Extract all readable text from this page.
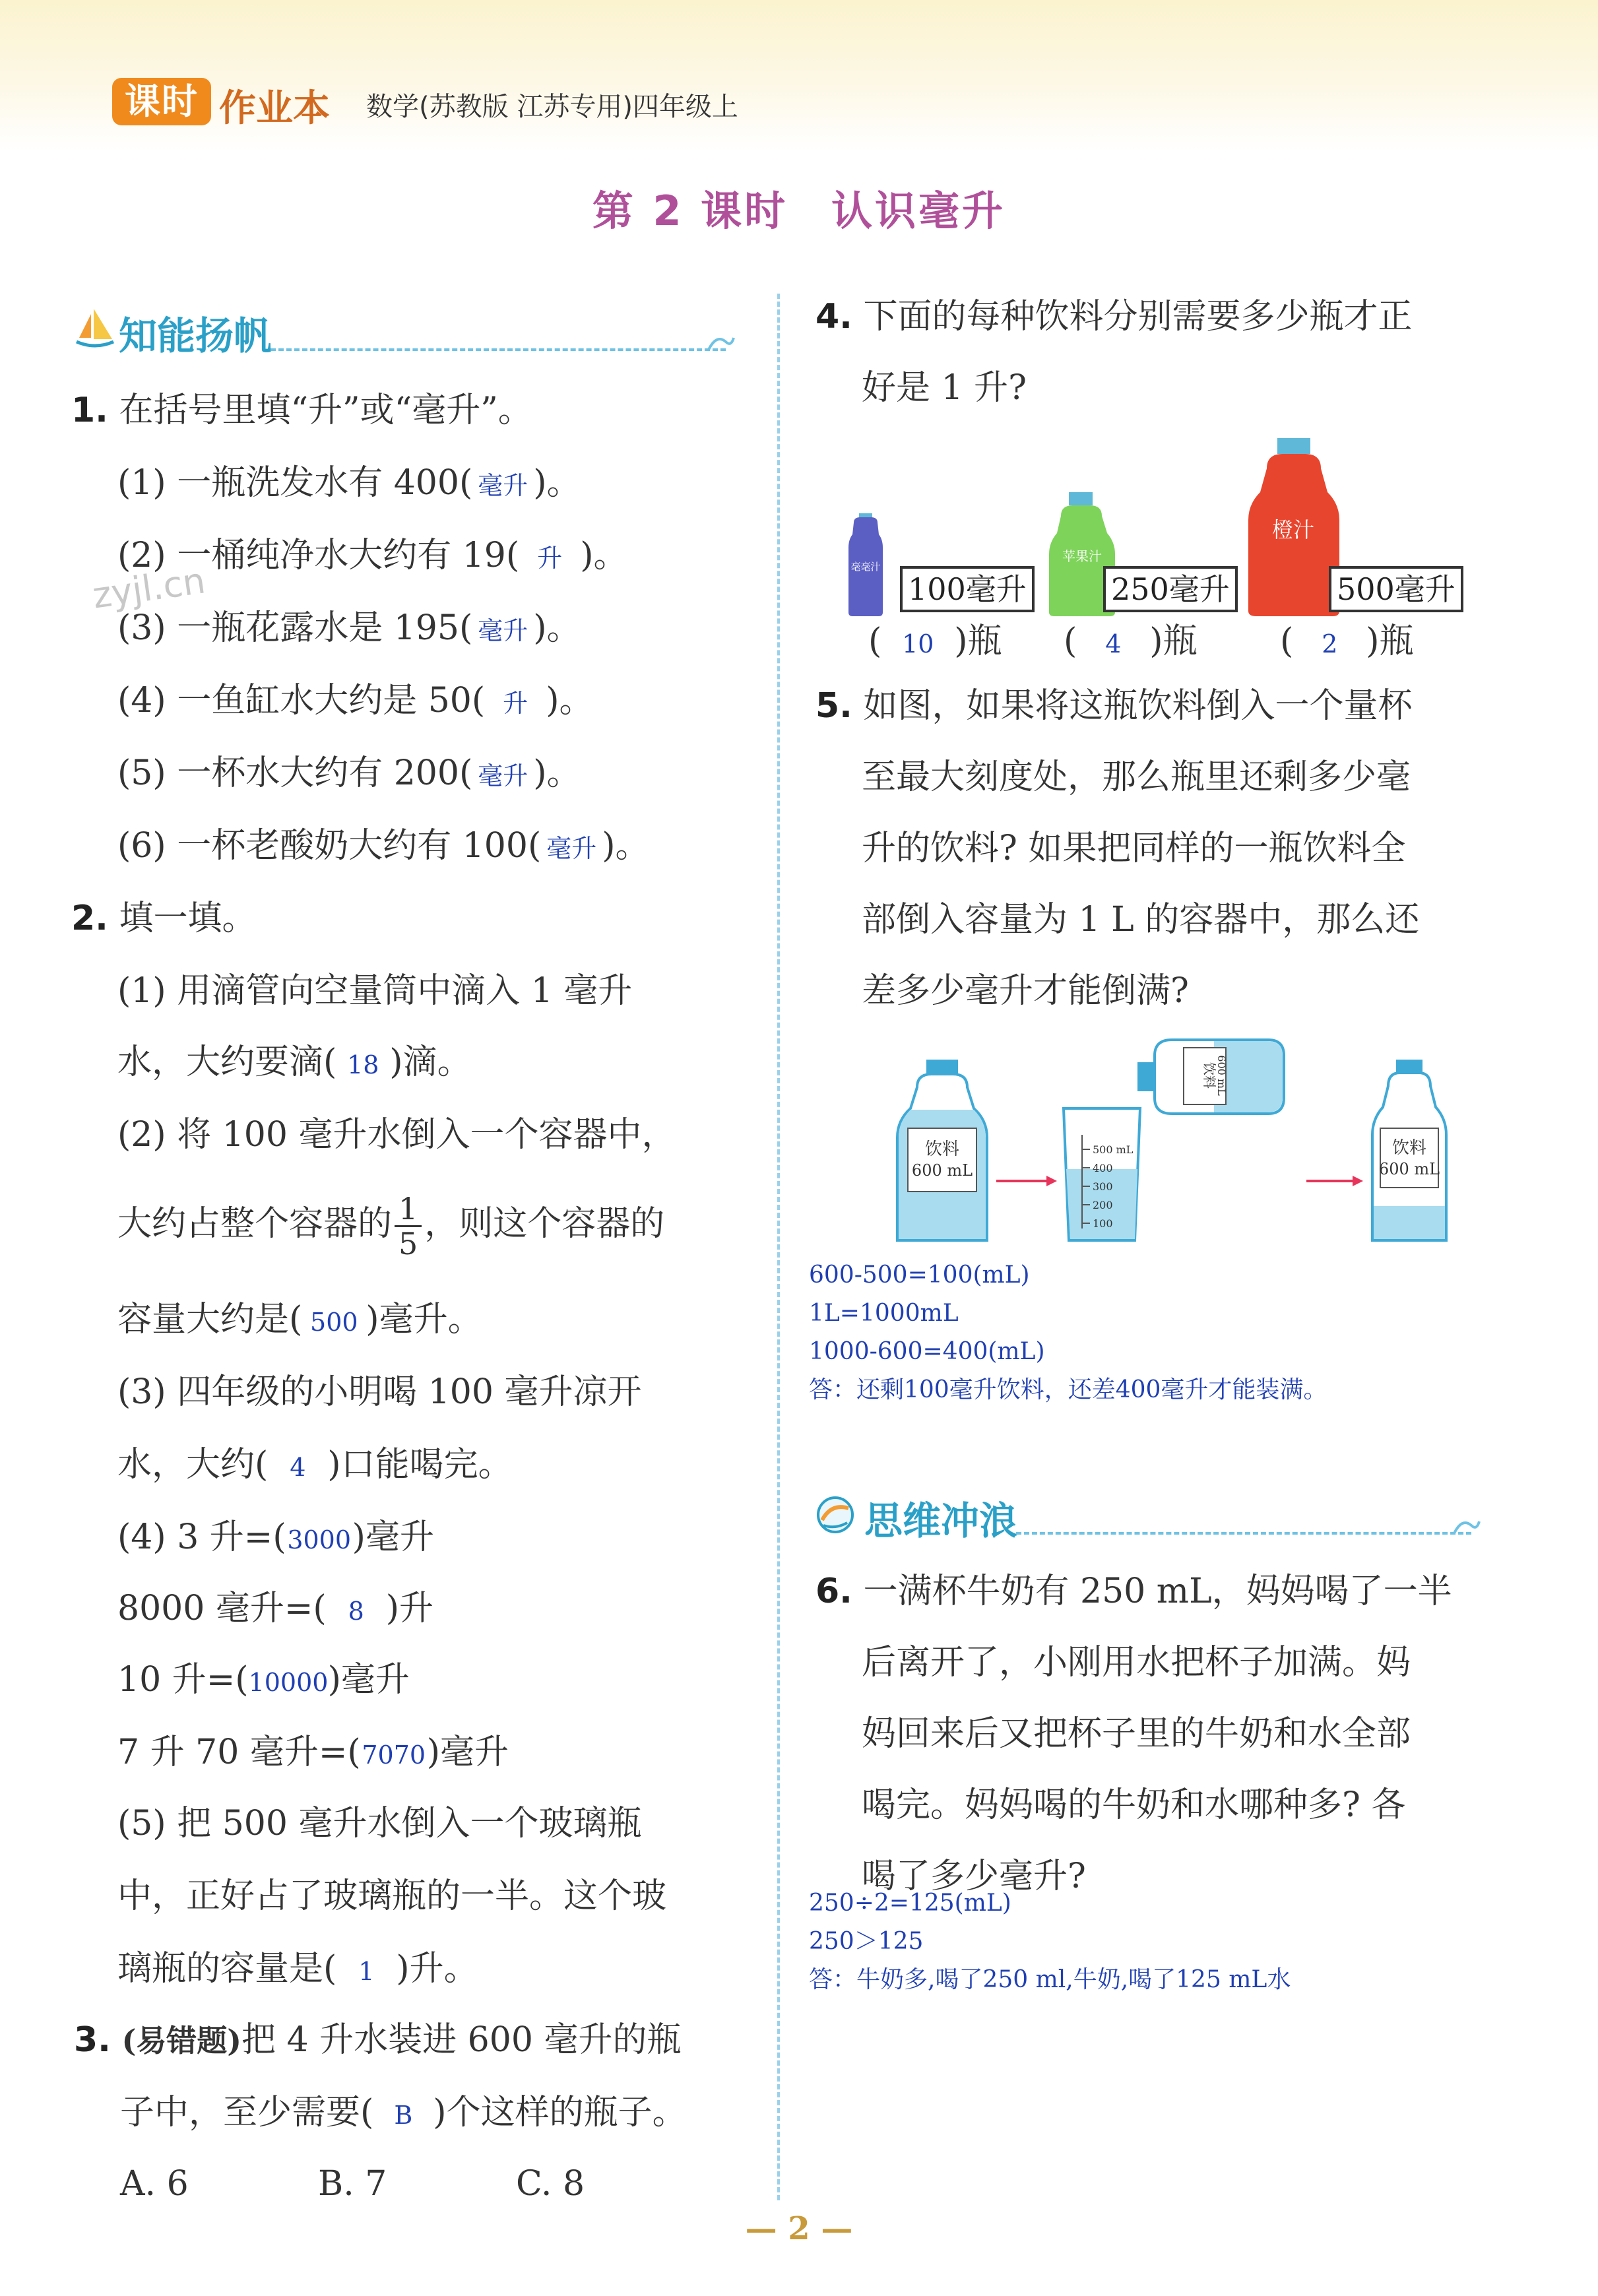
课时 作业本 数学(苏教版 江苏专用)四年级上
第 2 课时　认识毫升
zyjl.cn
知能扬帆
1. 在括号里填“升”或“毫升”。
(1) 一瓶洗发水有 400( 毫升 )。
(2) 一桶纯净水大约有 19( 升 )。
(3) 一瓶花露水是 195( 毫升 )。
(4) 一鱼缸水大约是 50( 升 )。
(5) 一杯水大约有 200( 毫升 )。
(6) 一杯老酸奶大约有 100( 毫升 )。
2. 填一填。
(1) 用滴管向空量筒中滴入 1 毫升
水，大约要滴( 18 )滴。
(2) 将 100 毫升水倒入一个容器中，
大约占整个容器的 $\frac{1}{5}$ ，则这个容器的
容量大约是( 500 )毫升。
(3) 四年级的小明喝 100 毫升凉开
水，大约( 4 )口能喝完。
(4) 3 升=(3000)毫升
8000 毫升=( 8 )升
10 升=(10000)毫升
7 升 70 毫升=(7070)毫升
(5) 把 500 毫升水倒入一个玻璃瓶
中，正好占了玻璃瓶的一半。这个玻
璃瓶的容量是( 1 )升。
3. (易错题)把 4 升水装进 600 毫升的瓶
子中，至少需要( B )个这样的瓶子。
A. 6	B. 7	C. 8
4. 下面的每种饮料分别需要多少瓶才正
好是 1 升?
毫毫汁
苹果汁
橙汁
100毫升	250毫升	500毫升
( 10 )瓶 ( 4 )瓶 ( 2 )瓶
5. 如图，如果将这瓶饮料倒入一个量杯
至最大刻度处，那么瓶里还剩多少毫
升的饮料? 如果把同样的一瓶饮料全
部倒入容量为 1 L 的容器中，那么还
差多少毫升才能倒满?
饮料
600 mL
500 mL
400
300
200
100
饮料
600 mL
饮料
600 mL
600-500=100(mL)
1L=1000mL
1000-600=400(mL)
答：还剩100毫升饮料，还差400毫升才能装满。
思维冲浪
6. 一满杯牛奶有 250 mL，妈妈喝了一半
后离开了，小刚用水把杯子加满。妈
妈回来后又把杯子里的牛奶和水全部
喝完。妈妈喝的牛奶和水哪种多? 各
喝了多少毫升?
250÷2=125(mL)
250＞125
答：牛奶多,喝了250 ml,牛奶,喝了125 mL水
— 2 —
